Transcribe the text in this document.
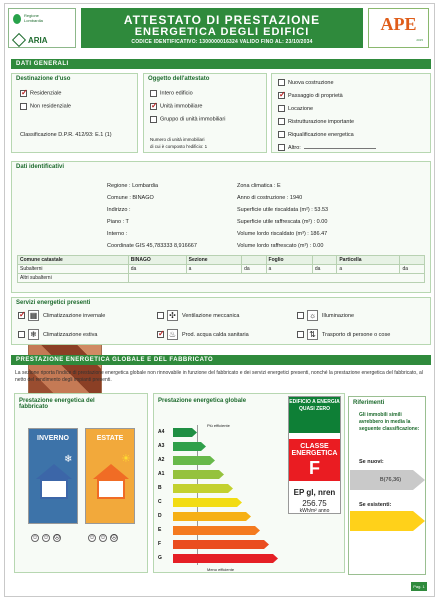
Regione
Lombardia
ARIA
ATTESTATO DI PRESTAZIONE
ENERGETICA DEGLI EDIFICI
CODICE IDENTIFICATIVO: 1300000016324 VALIDO FINO AL: 23/10/2034
APE
2015
DATI GENERALI
Destinazione d'uso
✓Residenziale
Non residenziale
Classificazione D.P.R. 412/93: E.1 (1)
Oggetto dell'attestato
Intero edificio
✓Unità immobiliare
Gruppo di unità immobiliari
Numero di unità immobiliari
di cui è composto l'edificio: 1
Nuova costruzione
✓Passaggio di proprietà
Locazione
Ristrutturazione importante
Riqualificazione energetica
Altro:
Dati identificativi
Regione : Lombardia
Comune : BINAGO
Indirizzo :
Piano : T
Interno :
Coordinate GIS 45,783333 8,916667
Zona climatica : E
Anno di costruzione : 1940
Superficie utile riscaldata (m²) : 53.53
Superficie utile raffrescata (m²) : 0.00
Volume lordo riscaldato (m³) : 186.47
Volume lordo raffrescato (m³) : 0.00
Comune catastale	BINAGO	Sezione		Foglio		Particella	
Subalterni	da	a	da	a	da	a	da
Altri subalterni							
Servizi energetici presenti
✓▦ Climatizzazione invernale	✣ Ventilazione meccanica	☼ Illuminazione
❄ Climatizzazione estiva ✓	♨ Prod. acqua calda sanitaria	⇅ Trasporto di persone o cose
PRESTAZIONE ENERGETICA GLOBALE E DEL FABBRICATO
La sezione riporta l'indice di prestazione energetica globale non rinnovabile in funzione del fabbricato e dei servizi energetici presenti, nonché la prestazione energetica del fabbricato, al netto del rendimento degli impianti presenti.
Prestazione energetica del fabbricato
INVERNO
❄
ESTATE
☀
☺ ☺ ☹	☺ ☺ ☹
Prestazione energetica globale
Più efficiente
Meno efficiente
EDIFICIO A ENERGIA QUASI ZERO
CLASSE ENERGETICA
F
EP gl, nren
256.75
kWh/m² anno
Riferimenti
Gli immobili simili avrebbero in media la seguente classificazione:
Se nuovi:
B(76,36)
Se esistenti:
Pag. 1
A4
A3
A2
A1
B
C
D
E
F
G
